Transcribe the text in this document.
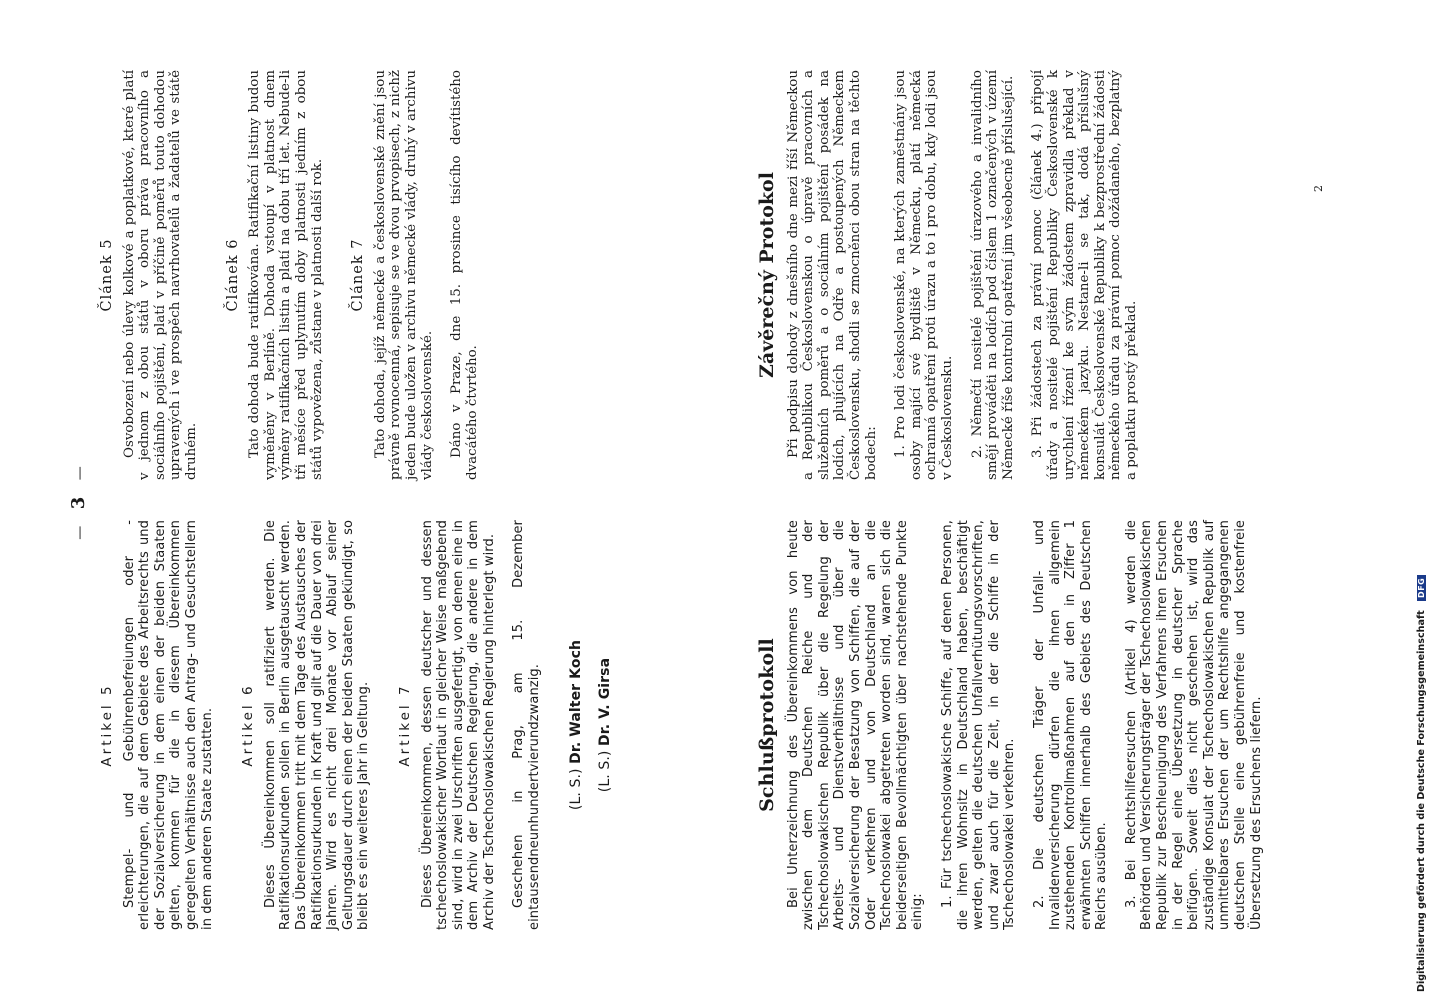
— 3 —

Artikel 5 Stempel- und Gebührenbefreiungen oder -erleichterungen, die auf dem Gebiete des Arbeitsrechts und der Sozialversicherung in dem einen der beiden Staaten gelten, kommen für die in diesem Übereinkommen geregelten Verhältnisse auch den Antrag- und Gesuchstellern in dem anderen Staate zustatten. Artikel 6 Dieses Übereinkommen soll ratifiziert werden. Die Ratifikationsurkunden sollen in Berlin ausgetauscht werden. Das Übereinkommen tritt mit dem Tage des Austausches der Ratifikationsurkunden in Kraft und gilt auf die Dauer von drei Jahren. Wird es nicht drei Monate vor Ablauf seiner Geltungsdauer durch einen der beiden Staaten gekündigt, so bleibt es ein weiteres Jahr in Geltung. Artikel 7 Dieses Übereinkommen, dessen deutscher und dessen tschechoslowakischer Wortlaut in gleicher Weise maßgebend sind, wird in zwei Urschriften ausgefertigt, von denen eine in dem Archiv der Deutschen Regierung, die andere in dem Archiv der Tschechoslowakischen Regierung hinterlegt wird. Geschehen in Prag, am 15. Dezember eintausendneunhundertvierundzwanzig. (L. S.) Dr. Walter Koch

(L. S.) Dr. V. Girsa

Článek 5 Osvobození nebo úlevy kolkové a poplatkové, které platí v jednom z obou států v oboru práva pracovního a sociálního pojištění, platí v příčině poměrů touto dohodou upravených i ve prospěch navrhovatelů a žadatelů ve státě druhém.

Článek 6 Tato dohoda bude ratifikována. Ratifikační listiny budou vyměněny v Berlíně. Dohoda vstoupí v platnost dnem výměny ratifikačních listin a platí na dobu tří let. Nebude-li tři měsíce před uplynutím doby platnosti jedním z obou států vypovězena, zůstane v platnosti další rok. Článek 7 Tato dohoda, jejíž německé a československé znění jsou právně rovnocenná, sepisuje se ve dvou prvopisech, z nichž jeden bude uložen v archivu německé vlády, druhý v archivu vlády československé. Dáno v Praze, dne 15. prosince tisícího devítistého dvacátého čtvrtého.

Schlußprotokoll Bei Unterzeichnung des Übereinkommens von heute zwischen dem Deutschen Reiche und der Tschechoslowakischen Republik über die Regelung der Arbeits- und Dienstverhältnisse und über die Sozialversicherung der Besatzung von Schiffen, die auf der Oder verkehren und von Deutschland an die Tschechoslowakei abgetreten worden sind, waren sich die beiderseitigen Bevollmächtigten über nachstehende Punkte einig:

1. Für tschechoslowakische Schiffe, auf denen Personen, die ihren Wohnsitz in Deutschland haben, beschäftigt werden, gelten die deutschen Unfallverhütungsvorschriften, und zwar auch für die Zeit, in der die Schiffe in der Tschechoslowakei verkehren. 2. Die deutschen Träger der Unfall- und Invalidenversicherung dürfen die ihnen allgemein zustehenden Kontrollmaßnahmen auf den in Ziffer 1 erwähnten Schiffen innerhalb des Gebiets des Deutschen Reichs ausüben. 3. Bei Rechtshilfeersuchen (Artikel 4) werden die Behörden und Versicherungsträger der Tschechoslowakischen Republik zur Beschleunigung des Verfahrens ihren Ersuchen in der Regel eine Übersetzung in deutscher Sprache beifügen. Soweit dies nicht geschehen ist, wird das zuständige Konsulat der Tschechoslowakischen Republik auf unmittelbares Ersuchen der um Rechtshilfe angegangenen deutschen Stelle eine gebührenfreie und kostenfreie Übersetzung des Ersuchens liefern.

Závěrečný Protokol Při podpisu dohody z dnešního dne mezi říší Německou a Republikou Československou o úpravě pracovních a služebních poměrů a o sociálním pojištění posádek na lodích, plujících na Odře a postoupených Německem Československu, shodli se zmocněnci obou stran na těchto bodech: 1. Pro lodi československé, na kterých zaměstnány jsou osoby mající své bydliště v Německu, platí německá ochranná opatření proti úrazu a to i pro dobu, kdy lodi jsou v Československu. 2. Němečtí nositelé pojištění úrazového a invalidního smějí prováděti na lodích pod číslem 1 označených v území Německé říše kontrolní opatření jim všeobecně příslušející. 3. Při žádostech za právní pomoc (článek 4.) připojí úřady a nositelé pojištění Republiky Československé k urychlení řízení ke svým žádostem zpravidla překlad v německém jazyku. Nestane-li se tak, dodá příslušný konsulát Československé Republiky k bezprostřední žádosti německého úřadu za právní pomoc dožádaného, bezplatný a poplatku prostý překlad.

2
Digitalisierung gefördert durch die Deutsche Forschungsgemeinschaft DFG
